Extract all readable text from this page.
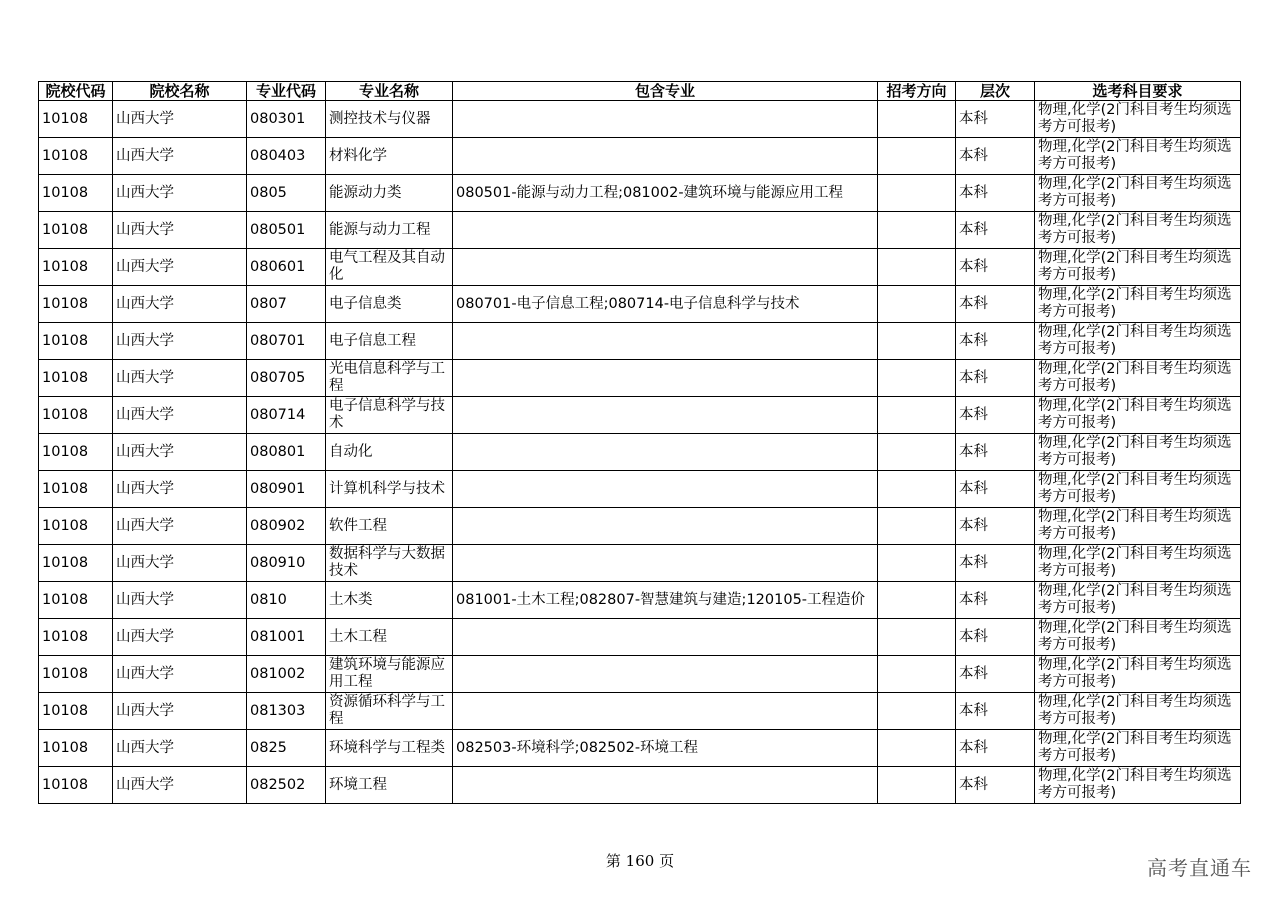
院校代码	院校名称	专业代码	专业名称	包含专业	招考方向	层次	选考科目要求
10108	山西大学	080301	测控技术与仪器			本科	物理,化学(2门科目考生均须选考方可报考)
10108	山西大学	080403	材料化学			本科	物理,化学(2门科目考生均须选考方可报考)
10108	山西大学	0805	能源动力类	080501-能源与动力工程;081002-建筑环境与能源应用工程		本科	物理,化学(2门科目考生均须选考方可报考)
10108	山西大学	080501	能源与动力工程			本科	物理,化学(2门科目考生均须选考方可报考)
10108	山西大学	080601	电气工程及其自动化			本科	物理,化学(2门科目考生均须选考方可报考)
10108	山西大学	0807	电子信息类	080701-电子信息工程;080714-电子信息科学与技术		本科	物理,化学(2门科目考生均须选考方可报考)
10108	山西大学	080701	电子信息工程			本科	物理,化学(2门科目考生均须选考方可报考)
10108	山西大学	080705	光电信息科学与工程			本科	物理,化学(2门科目考生均须选考方可报考)
10108	山西大学	080714	电子信息科学与技术			本科	物理,化学(2门科目考生均须选考方可报考)
10108	山西大学	080801	自动化			本科	物理,化学(2门科目考生均须选考方可报考)
10108	山西大学	080901	计算机科学与技术			本科	物理,化学(2门科目考生均须选考方可报考)
10108	山西大学	080902	软件工程			本科	物理,化学(2门科目考生均须选考方可报考)
10108	山西大学	080910	数据科学与大数据技术			本科	物理,化学(2门科目考生均须选考方可报考)
10108	山西大学	0810	土木类	081001-土木工程;082807-智慧建筑与建造;120105-工程造价		本科	物理,化学(2门科目考生均须选考方可报考)
10108	山西大学	081001	土木工程			本科	物理,化学(2门科目考生均须选考方可报考)
10108	山西大学	081002	建筑环境与能源应用工程			本科	物理,化学(2门科目考生均须选考方可报考)
10108	山西大学	081303	资源循环科学与工程			本科	物理,化学(2门科目考生均须选考方可报考)
10108	山西大学	0825	环境科学与工程类	082503-环境科学;082502-环境工程		本科	物理,化学(2门科目考生均须选考方可报考)
10108	山西大学	082502	环境工程			本科	物理,化学(2门科目考生均须选考方可报考)
第 160 页	高考直通车
